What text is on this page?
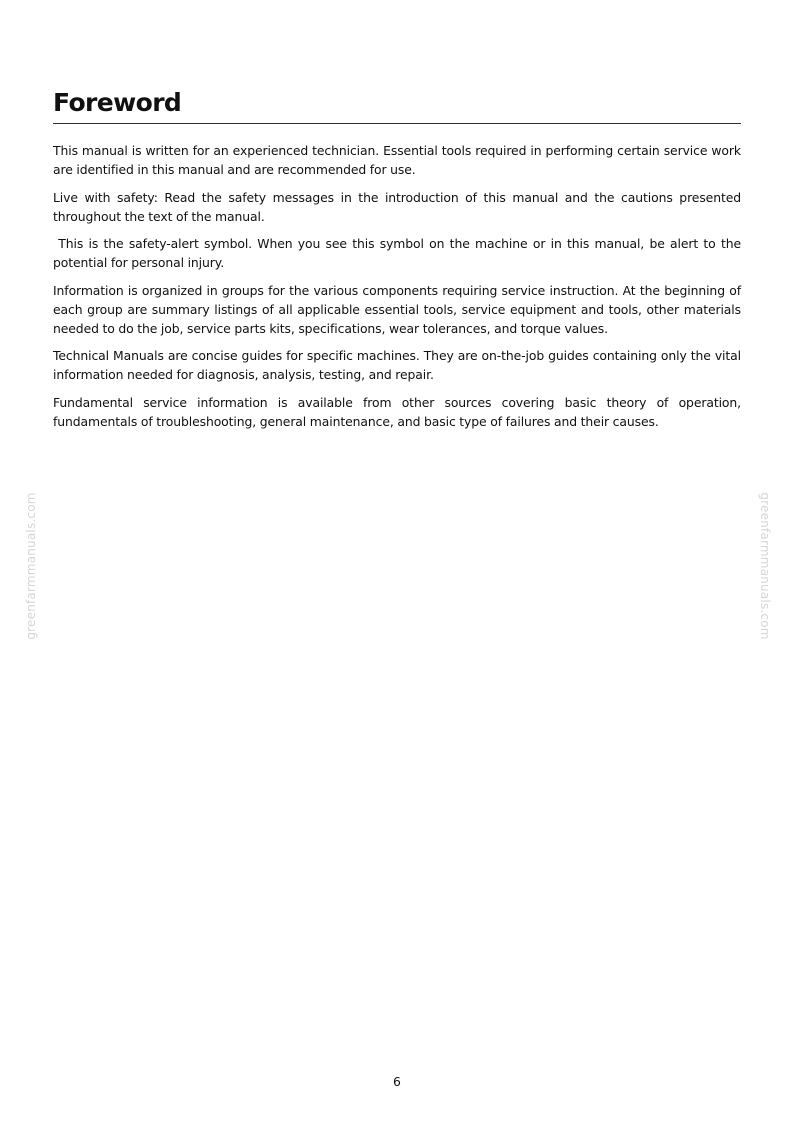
Foreword

This manual is written for an experienced technician. Essential tools required in performing certain service work are identified in this manual and are recommended for use.

Live with safety: Read the safety messages in the introduction of this manual and the cautions presented throughout the text of the manual.

This is the safety-alert symbol. When you see this symbol on the machine or in this manual, be alert to the potential for personal injury.

Information is organized in groups for the various components requiring service instruction. At the beginning of each group are summary listings of all applicable essential tools, service equipment and tools, other materials needed to do the job, service parts kits, specifications, wear tolerances, and torque values.

Technical Manuals are concise guides for specific machines. They are on-the-job guides containing only the vital information needed for diagnosis, analysis, testing, and repair.

Fundamental service information is available from other sources covering basic theory of operation, fundamentals of troubleshooting, general maintenance, and basic type of failures and their causes.

greenfarmmanuals.com	greenfarmmanuals.com
6
